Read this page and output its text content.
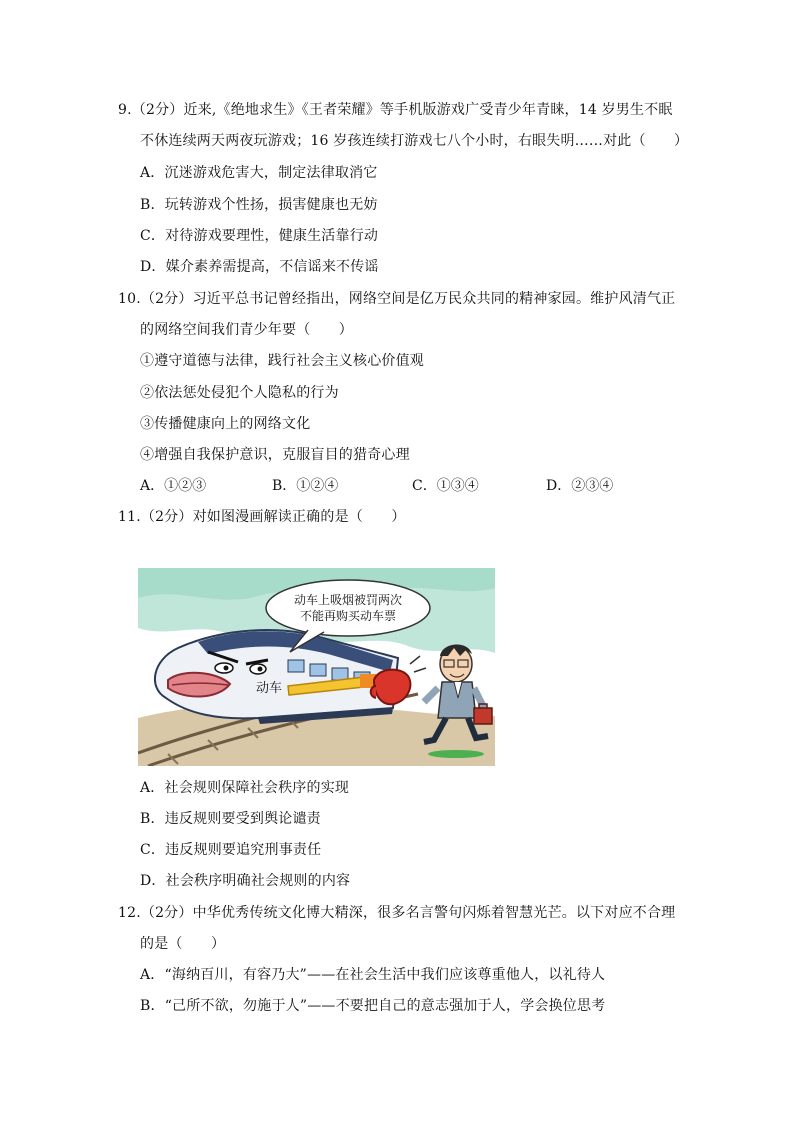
9.（2分）近来,《绝地求生》《王者荣耀》等手机版游戏广受青少年青睐，14 岁男生不眠
不休连续两天两夜玩游戏；16 岁孩连续打游戏七八个小时，右眼失明……对此（　　）
A．沉迷游戏危害大，制定法律取消它
B．玩转游戏个性扬，损害健康也无妨
C．对待游戏要理性，健康生活靠行动
D．媒介素养需提高，不信谣来不传谣
10.（2分）习近平总书记曾经指出，网络空间是亿万民众共同的精神家园。维护风清气正
的网络空间我们青少年要（　　）
①遵守道德与法律，践行社会主义核心价值观
②依法惩处侵犯个人隐私的行为
③传播健康向上的网络文化
④增强自我保护意识，克服盲目的猎奇心理
A．①②③	B．①②④	C．①③④	D．②③④
11.（2分）对如图漫画解读正确的是（　　）
动车
动车上吸烟被罚两次
不能再购买动车票
A．社会规则保障社会秩序的实现
B．违反规则要受到舆论谴责
C．违反规则要追究刑事责任
D．社会秩序明确社会规则的内容
12.（2分）中华优秀传统文化博大精深，很多名言警句闪烁着智慧光芒。以下对应不合理
的是（　　）
A．“海纳百川，有容乃大”——在社会生活中我们应该尊重他人，以礼待人
B．“己所不欲，勿施于人”——不要把自己的意志强加于人，学会换位思考
